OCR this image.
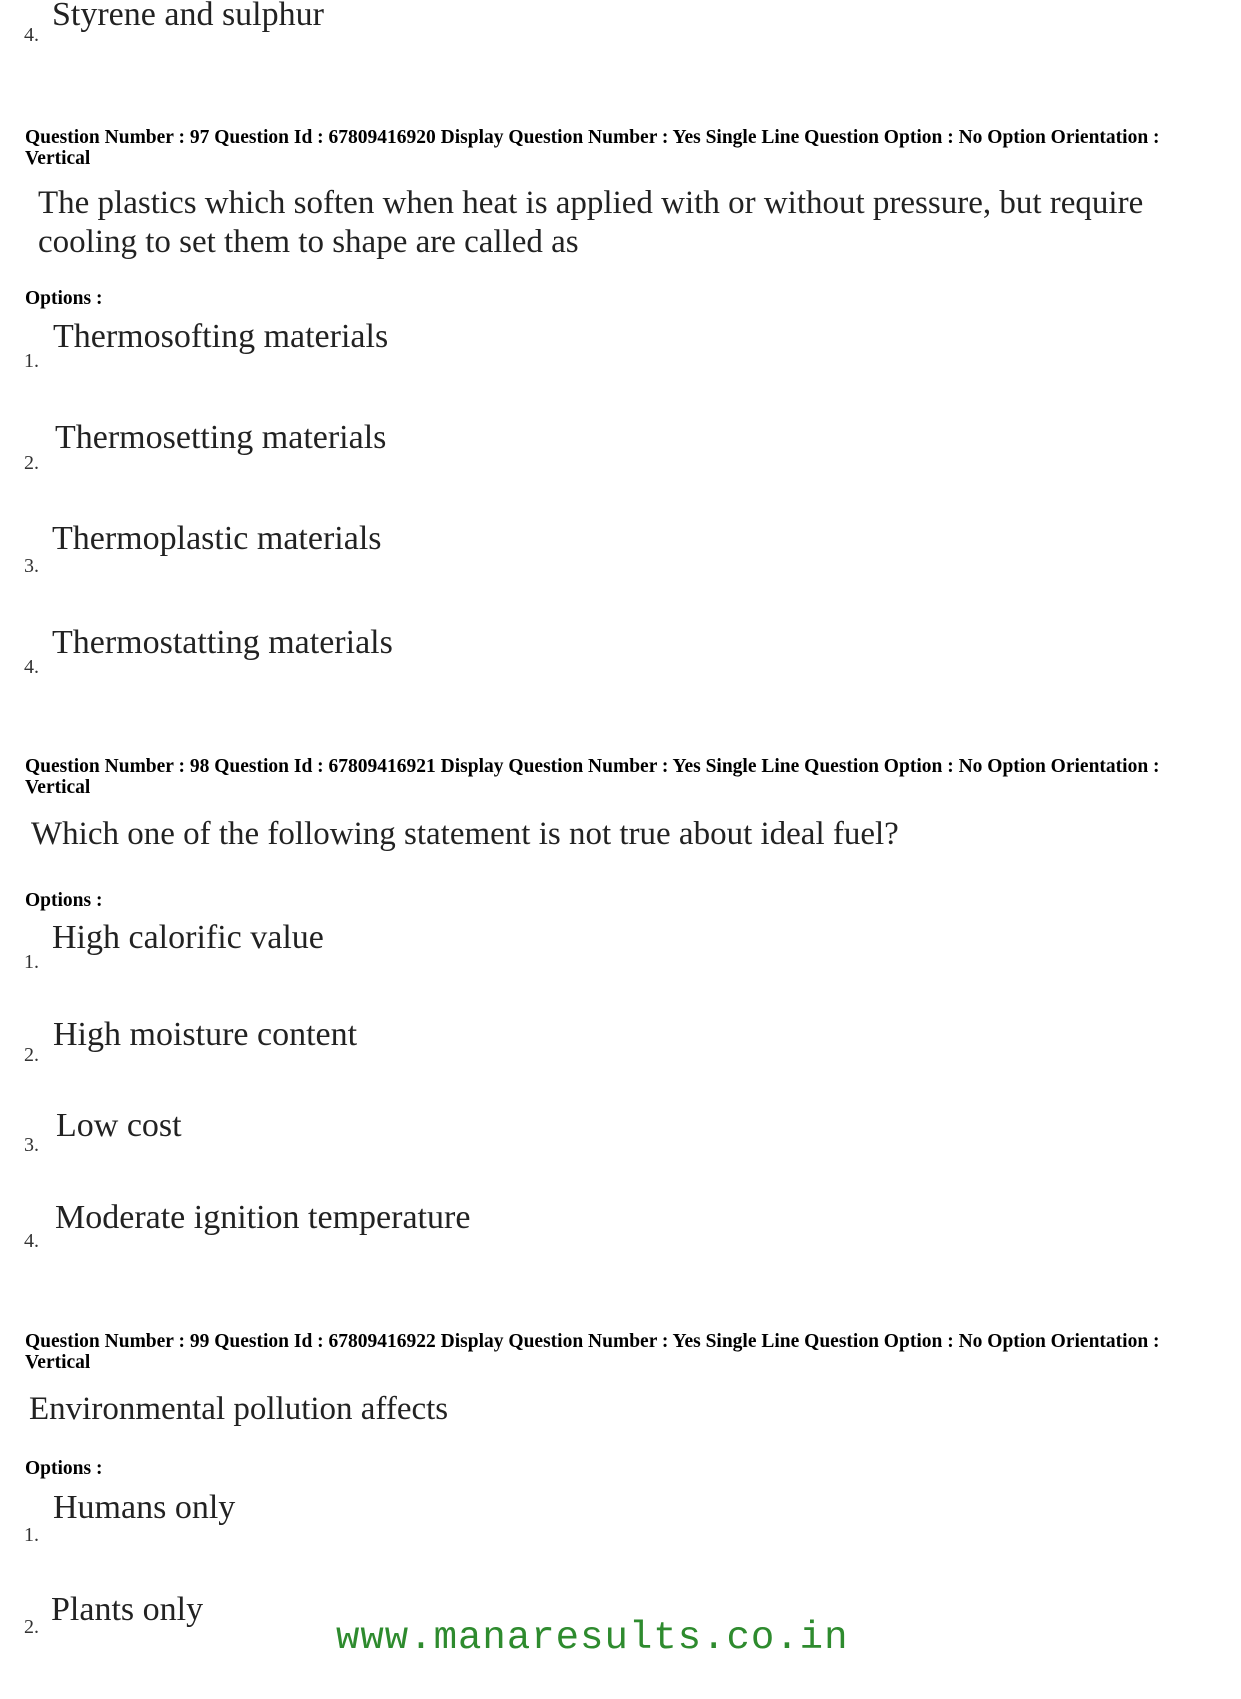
4.
Styrene and sulphur
Question Number : 97 Question Id : 67809416920 Display Question Number : Yes Single Line Question Option : No Option Orientation : Vertical
The plastics which soften when heat is applied with or without pressure, but require cooling to set them to shape are called as
Options :
1.
Thermosofting materials
2.
Thermosetting materials
3.
Thermoplastic materials
4.
Thermostatting materials
Question Number : 98 Question Id : 67809416921 Display Question Number : Yes Single Line Question Option : No Option Orientation : Vertical
Which one of the following statement is not true about ideal fuel?
Options :
1.
High calorific value
2.
High moisture content
3.
Low cost
4.
Moderate ignition temperature
Question Number : 99 Question Id : 67809416922 Display Question Number : Yes Single Line Question Option : No Option Orientation : Vertical
Environmental pollution affects
Options :
1.
Humans only
2. Plants only
www.manaresults.co.in
